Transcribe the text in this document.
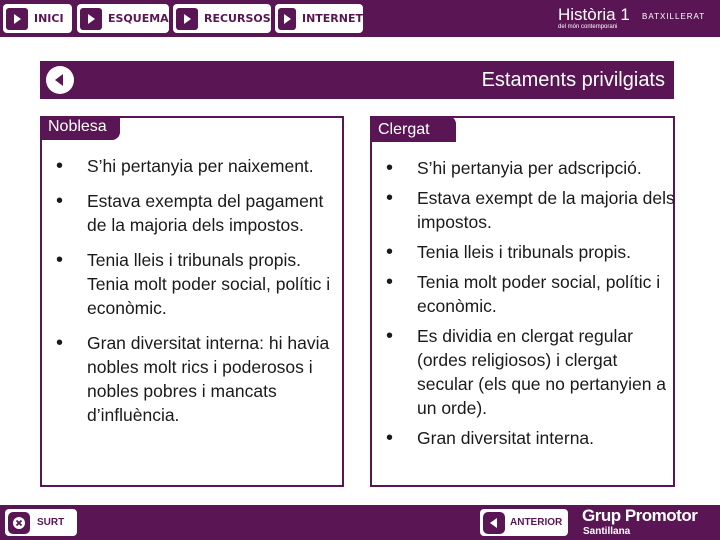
INICI	ESQUEMA	RECURSOS	INTERNET	Història 1 BATXILLERAT
del món contemporani
Estaments privilgiats
Noblesa
• S’hi pertanyia per naixement.
• Estava exempta del pagament de la majoria dels impostos.
• Tenia lleis i tribunals propis. Tenia molt poder social, polític i econòmic.
• Gran diversitat interna: hi havia nobles molt rics i poderosos i nobles pobres i mancats d’influència.
Clergat
• S’hi pertanyia per adscripció.
• Estava exempt de la majoria dels impostos.
• Tenia lleis i tribunals propis.
• Tenia molt poder social, polític i econòmic.
• Es dividia en clergat regular (ordes religiosos) i clergat secular (els que no pertanyien a un orde).
• Gran diversitat interna.
SURT	ANTERIOR Grup Promotor
Santillana
